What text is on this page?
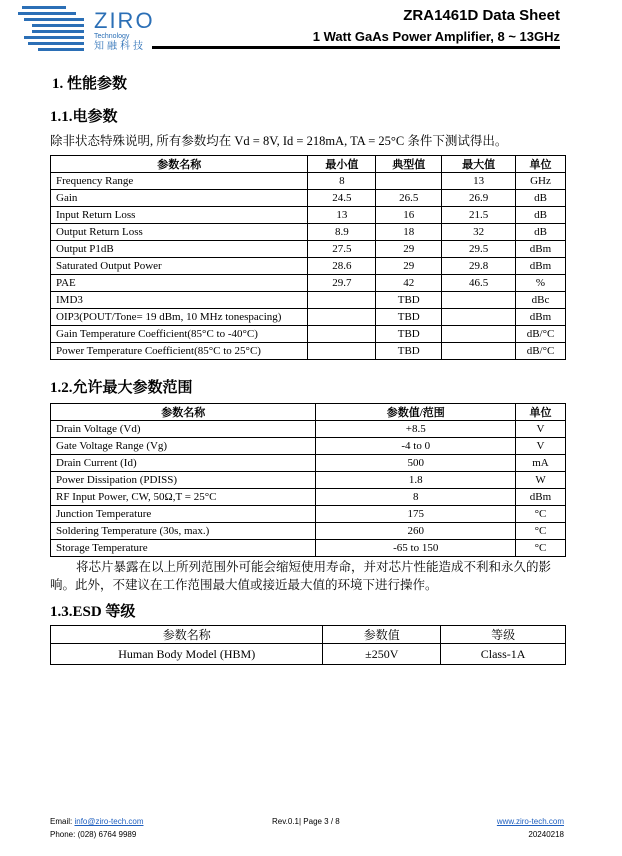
ZIRO
Technology
知融科技
ZRA1461D Data Sheet
1 Watt GaAs Power Amplifier, 8 ~ 13GHz
1. 性能参数
1.1.电参数
除非状态特殊说明, 所有参数均在 Vd = 8V, Id = 218mA, TA = 25°C 条件下测试得出。
参数名称	最小值	典型值	最大值	单位
Frequency Range	8		13	GHz
Gain	24.5	26.5	26.9	dB
Input Return Loss	13	16	21.5	dB
Output Return Loss	8.9	18	32	dB
Output P1dB	27.5	29	29.5	dBm
Saturated Output Power	28.6	29	29.8	dBm
PAE	29.7	42	46.5	%
IMD3		TBD		dBc
OIP3(POUT/Tone= 19 dBm, 10 MHz tonespacing)		TBD		dBm
Gain Temperature Coefficient(85°C to -40°C)		TBD		dB/°C
Power Temperature Coefficient(85°C to 25°C)		TBD		dB/°C
1.2.允许最大参数范围
参数名称	参数值/范围	单位
Drain Voltage (Vd)	+8.5	V
Gate Voltage Range (Vg)	-4 to 0	V
Drain Current (Id)	500	mA
Power Dissipation (PDISS)	1.8	W
RF Input Power, CW, 50Ω,T = 25°C	8	dBm
Junction Temperature	175	°C
Soldering Temperature (30s, max.)	260	°C
Storage Temperature	-65 to 150	°C
将芯片暴露在以上所列范围外可能会缩短使用寿命，并对芯片性能造成不利和永久的影响。此外，不建议在工作范围最大值或接近最大值的环境下进行操作。
1.3.ESD 等级
参数名称	参数值	等级
Human Body Model (HBM)	±250V	Class-1A
Email: info@ziro-tech.com
Phone: (028) 6764 9989
Rev.0.1| Page 3 / 8	www.ziro-tech.com
20240218
